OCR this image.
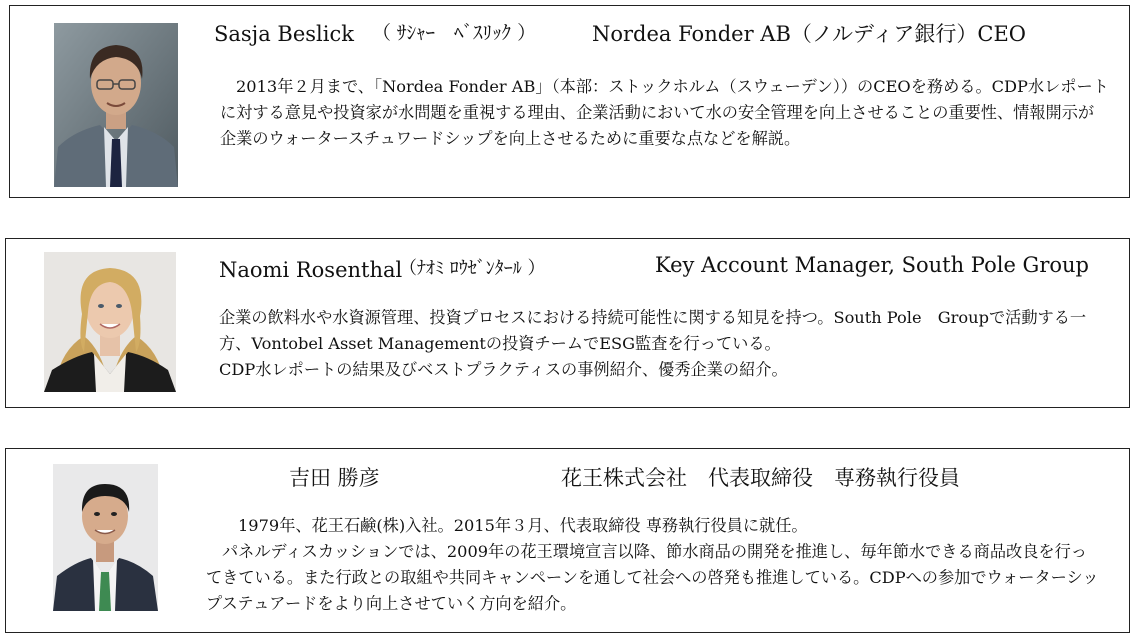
Sasja Beslick （ ｻｼｬｰ　ﾍﾞｽﾘｯｸ ）	Nordea Fonder AB（ノルディア銀行）CEO

2013年２月まで、「Nordea Fonder AB」（本部：ストックホルム（スウェーデン））のCEOを務める。CDP水レポートに対する意見や投資家が水問題を重視する理由、企業活動において水の安全管理を向上させることの重要性、情報開示が企業のウォータースチュワードシップを向上させるために重要な点などを解説。

Naomi Rosenthal
（ﾅｵﾐ ﾛｳｾﾞﾝﾀｰﾙ ）	Key Account Manager, South Pole Group

企業の飲料水や水資源管理、投資プロセスにおける持続可能性に関する知見を持つ。South Pole　Groupで活動する一方、Vontobel Asset Managementの投資チームでESG監査を行っている。

CDP水レポートの結果及びベストプラクティスの事例紹介、優秀企業の紹介。

吉田 勝彦	花王株式会社　代表取締役　専務執行役員

1979年、花王石鹸(株)入社。2015年３月、代表取締役 専務執行役員に就任。

パネルディスカッションでは、2009年の花王環境宣言以降、節水商品の開発を推進し、毎年節水できる商品改良を行ってきている。また行政との取組や共同キャンペーンを通して社会への啓発も推進している。CDPへの参加でウォーターシップステュアードをより向上させていく方向を紹介。
